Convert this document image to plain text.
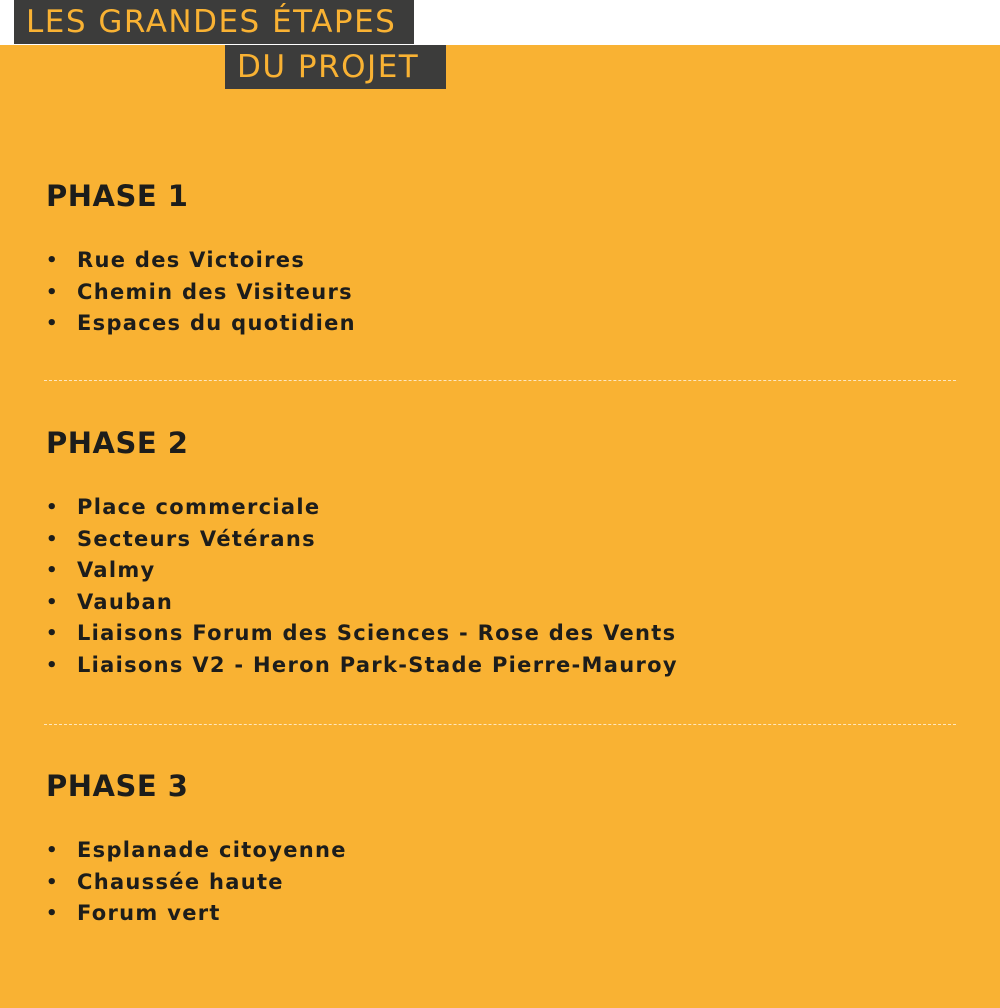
PHASE 1
• Rue des Victoires
• Chemin des Visiteurs
• Espaces du quotidien
PHASE 2
• Place commerciale
• Secteurs Vétérans
• Valmy
• Vauban
• Liaisons Forum des Sciences - Rose des Vents
• Liaisons V2 - Heron Park-Stade Pierre-Mauroy
PHASE 3
• Esplanade citoyenne
• Chaussée haute
• Forum vert
LES GRANDES ÉTAPES
DU PROJET
